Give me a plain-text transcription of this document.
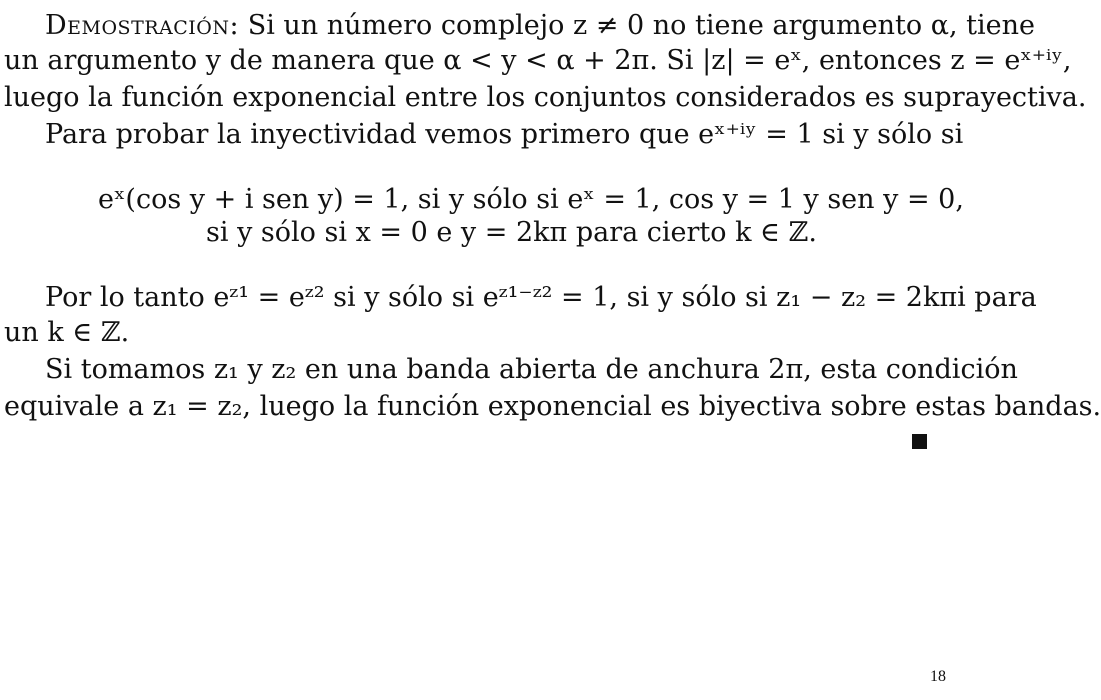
Demostración: Si un número complejo z ≠ 0 no tiene argumento α, tiene
un argumento y de manera que α < y < α + 2π. Si |z| = eˣ, entonces z = eˣ⁺ⁱʸ,
luego la función exponencial entre los conjuntos considerados es suprayectiva.
Para probar la inyectividad vemos primero que eˣ⁺ⁱʸ = 1 si y sólo si
eˣ(cos y + i sen y) = 1, si y sólo si eˣ = 1, cos y = 1 y sen y = 0,
si y sólo si x = 0 e y = 2kπ para cierto k ∈ ℤ.
Por lo tanto eᶻ¹ = eᶻ² si y sólo si eᶻ¹⁻ᶻ² = 1, si y sólo si z₁ − z₂ = 2kπi para
un k ∈ ℤ.
Si tomamos z₁ y z₂ en una banda abierta de anchura 2π, esta condición
equivale a z₁ = z₂, luego la función exponencial es biyectiva sobre estas bandas.
18
